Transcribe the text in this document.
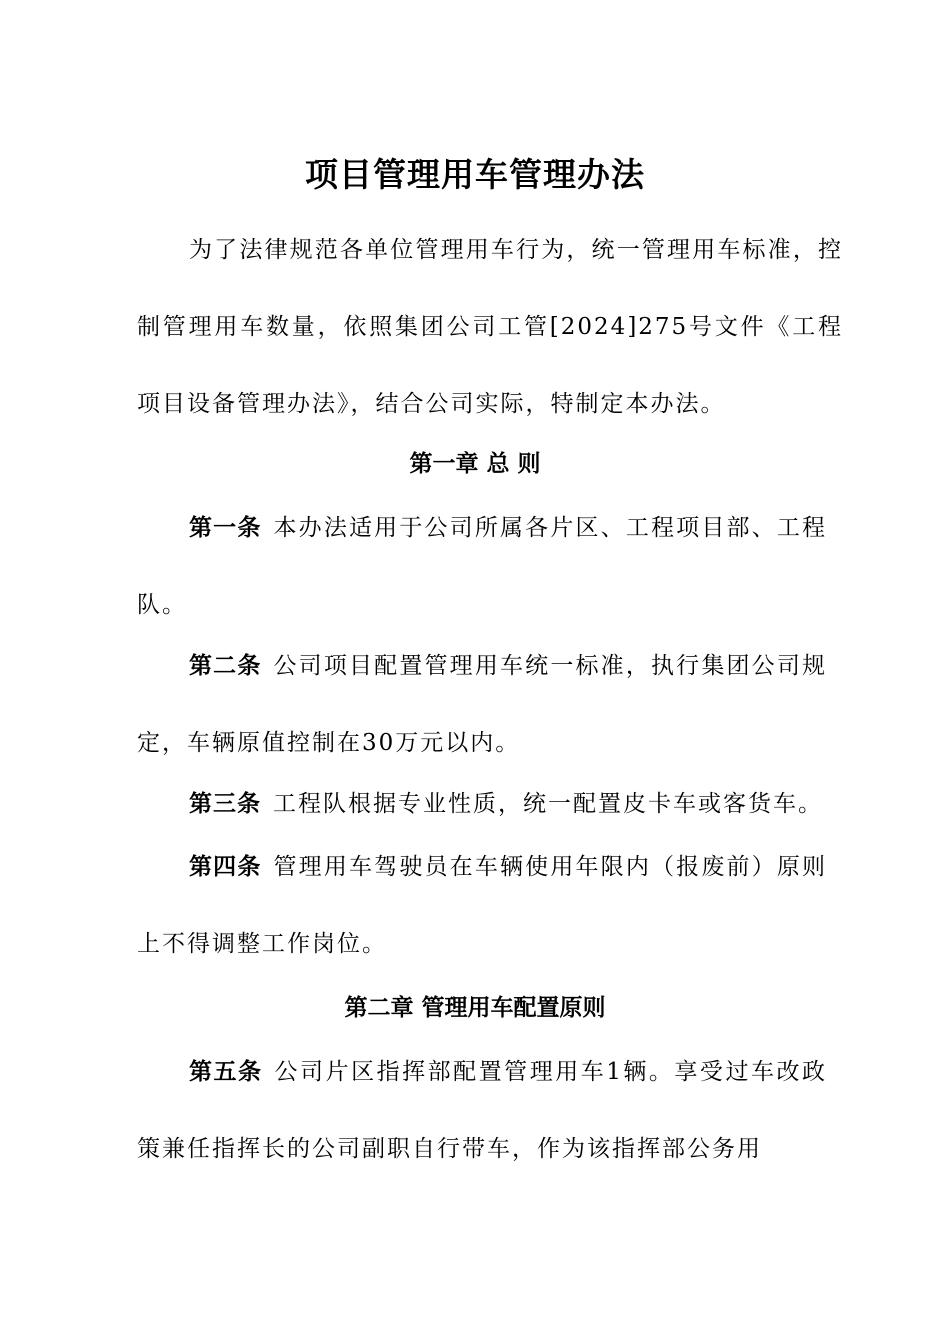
项目管理用车管理办法

为了法律规范各单位管理用车行为，统一管理用车标准，控制管理用车数量，依照集团公司工管[2024]275号文件《工程项目设备管理办法》，结合公司实际，特制定本办法。

第一章 总 则

第一条 本办法适用于公司所属各片区、工程项目部、工程队。

第二条 公司项目配置管理用车统一标准，执行集团公司规定，车辆原值控制在30万元以内。

第三条 工程队根据专业性质，统一配置皮卡车或客货车。

第四条 管理用车驾驶员在车辆使用年限内（报废前）原则上不得调整工作岗位。

第二章 管理用车配置原则

第五条 公司片区指挥部配置管理用车1辆。享受过车改政策兼任指挥长的公司副职自行带车，作为该指挥部公务用
